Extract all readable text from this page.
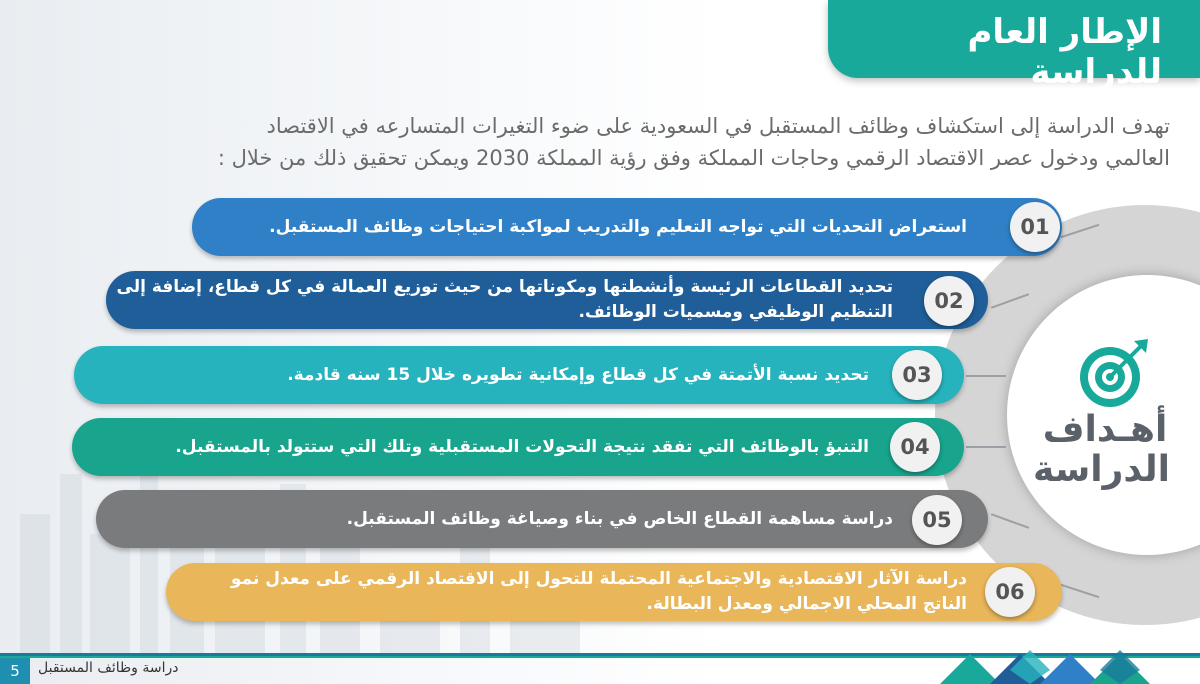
الإطار العام للدراسة
تهدف الدراسة إلى استكشاف وظائف المستقبل في السعودية على ضوء التغيرات المتسارعه في الاقتصاد
العالمي ودخول عصر الاقتصاد الرقمي وحاجات المملكة وفق رؤية المملكة 2030 ويمكن تحقيق ذلك من خلال :
أهـداف
الدراسة
استعراض التحديات التي تواجه التعليم والتدريب لمواكبة احتياجات وظائف المستقبل.	01
تحديد القطاعات الرئيسة وأنشطتها ومكوناتها من حيث توزيع العمالة في كل قطاع، إضافة إلى التنظيم الوظيفي ومسميات الوظائف.	02
تحديد نسبة الأتمتة في كل قطاع وإمكانية تطويره خلال 15 سنه قادمة.	03
التنبؤ بالوظائف التي تفقد نتيجة التحولات المستقبلية وتلك التي ستتولد بالمستقبل.	04
دراسة مساهمة القطاع الخاص في بناء وصياغة وظائف المستقبل.	05
دراسة الآثار الاقتصادية والاجتماعية المحتملة للتحول إلى الاقتصاد الرقمي على معدل نمو الناتج المحلي الاجمالي ومعدل البطالة.	06
5	دراسة وظائف المستقبل
